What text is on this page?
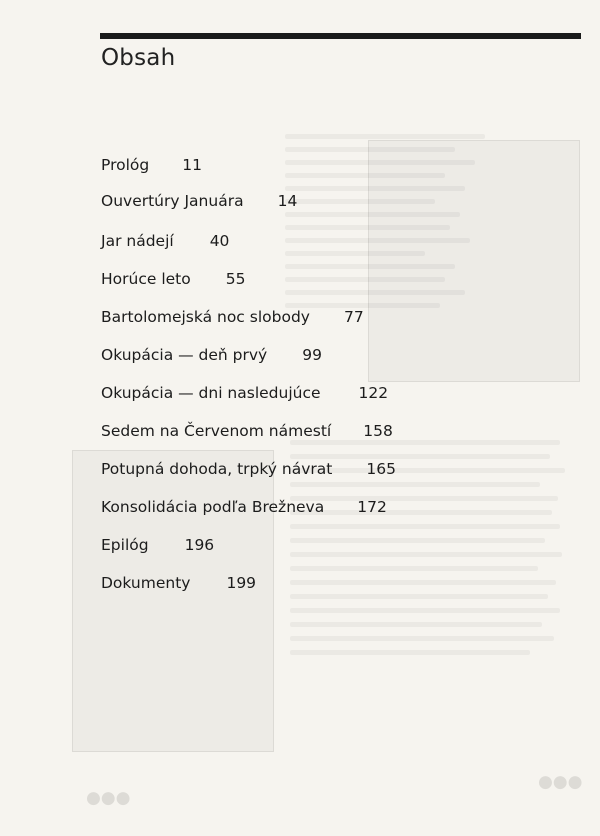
●●●
●●●
Obsah
Prológ 11
Ouvertúry Januára 14
Jar nádejí 40
Horúce leto 55
Bartolomejská noc slobody 77
Okupácia — deň prvý 99
Okupácia — dni nasledujúce 122
Sedem na Červenom námestí 158
Potupná dohoda, trpký návrat 165
Konsolidácia podľa Brežneva 172
Epilóg 196
Dokumenty 199
